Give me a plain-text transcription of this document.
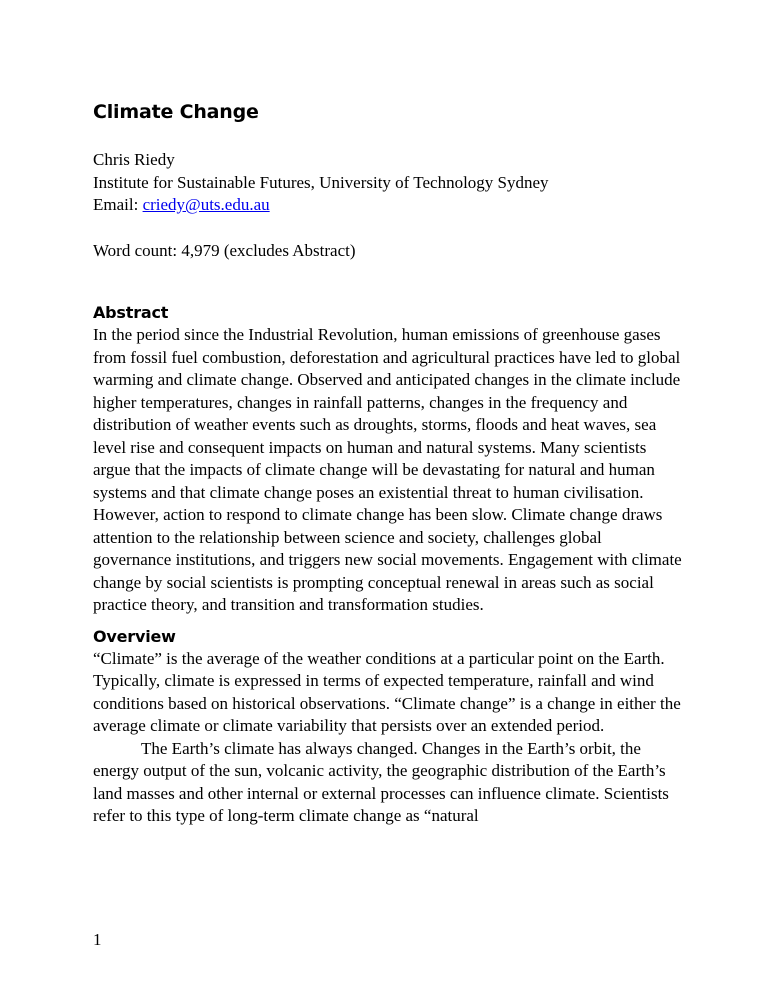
Climate Change

Chris Riedy

Institute for Sustainable Futures, University of Technology Sydney

Email: criedy@uts.edu.au

Word count: 4,979 (excludes Abstract)

Abstract

In the period since the Industrial Revolution, human emissions of greenhouse gases from fossil fuel combustion, deforestation and agricultural practices have led to global warming and climate change. Observed and anticipated changes in the climate include higher temperatures, changes in rainfall patterns, changes in the frequency and distribution of weather events such as droughts, storms, floods and heat waves, sea level rise and consequent impacts on human and natural systems. Many scientists argue that the impacts of climate change will be devastating for natural and human systems and that climate change poses an existential threat to human civilisation. However, action to respond to climate change has been slow. Climate change draws attention to the relationship between science and society, challenges global governance institutions, and triggers new social movements. Engagement with climate change by social scientists is prompting conceptual renewal in areas such as social practice theory, and transition and transformation studies.

Overview

“Climate” is the average of the weather conditions at a particular point on the Earth. Typically, climate is expressed in terms of expected temperature, rainfall and wind conditions based on historical observations. “Climate change” is a change in either the average climate or climate variability that persists over an extended period.

The Earth’s climate has always changed. Changes in the Earth’s orbit, the energy output of the sun, volcanic activity, the geographic distribution of the Earth’s land masses and other internal or external processes can influence climate. Scientists refer to this type of long-term climate change as “natural

1
